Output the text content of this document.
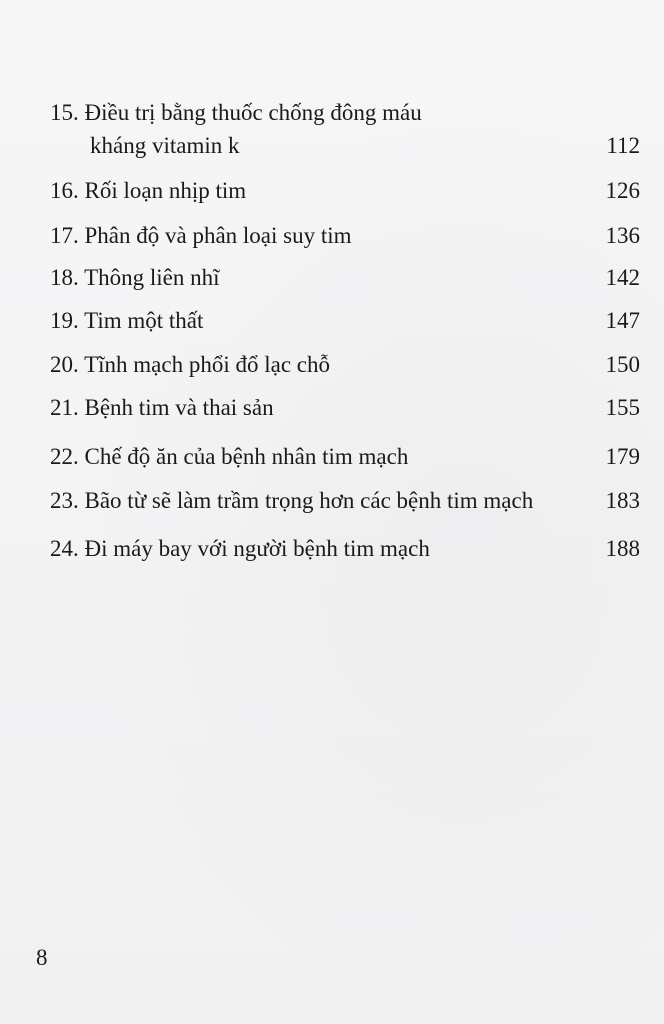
15. Điều trị bằng thuốc chống đông máu
kháng vitamin k	112
16. Rối loạn nhịp tim	126
17. Phân độ và phân loại suy tim	136
18. Thông liên nhĩ	142
19. Tim một thất	147
20. Tĩnh mạch phổi đổ lạc chỗ	150
21. Bệnh tim và thai sản	155
22. Chế độ ăn của bệnh nhân tim mạch	179
23. Bão từ sẽ làm trầm trọng hơn các bệnh tim mạch	183
24. Đi máy bay với người bệnh tim mạch	188
8
